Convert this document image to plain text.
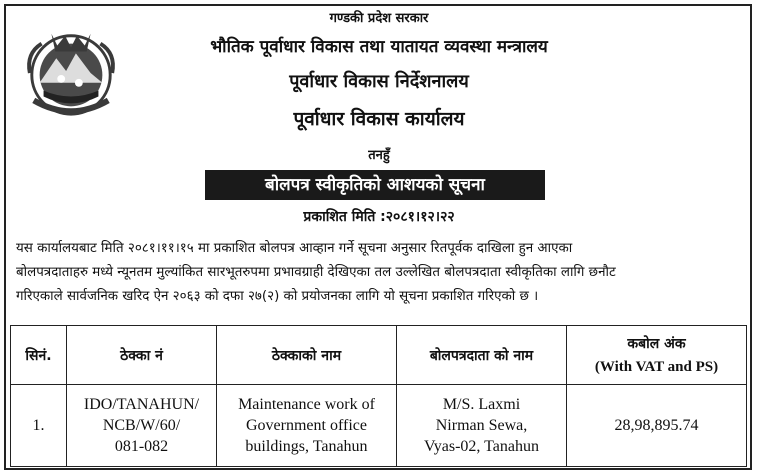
गण्डकी प्रदेश सरकार
भौतिक पूर्वाधार विकास तथा यातायत व्यवस्था मन्त्रालय
पूर्वाधार विकास निर्देशनालय
पूर्वाधार विकास कार्यालय
तनहुँ
बोलपत्र स्वीकृतिको आशयको सूचना
प्रकाशित मिति :२०८१।१२।२२
यस कार्यालयबाट मिति २०८१।११।१५ मा प्रकाशित बोलपत्र आव्हान गर्ने सूचना अनुसार रितपूर्वक दाखिला हुन आएका
बोलपत्रदाताहरु मध्ये न्यूनतम मुल्यांकित सारभूतरुपमा प्रभावग्राही देखिएका तल उल्लेखित बोलपत्रदाता स्वीकृतिका लागि छनौट
गरिएकाले सार्वजनिक खरिद ऐन २०६३ को दफा २७(२) को प्रयोजनका लागि यो सूचना प्रकाशित गरिएको छ ।
सिनं.	ठेक्का नं	ठेक्काको नाम	बोलपत्रदाता को नाम	कबोल अंक
(With VAT and PS)

1.	IDO/TANAHUN/
NCB/W/60/
081-082	Maintenance work of
Government office
buildings, Tanahun	M/S. Laxmi
Nirman Sewa,
Vyas-02, Tanahun	28,98,895.74
